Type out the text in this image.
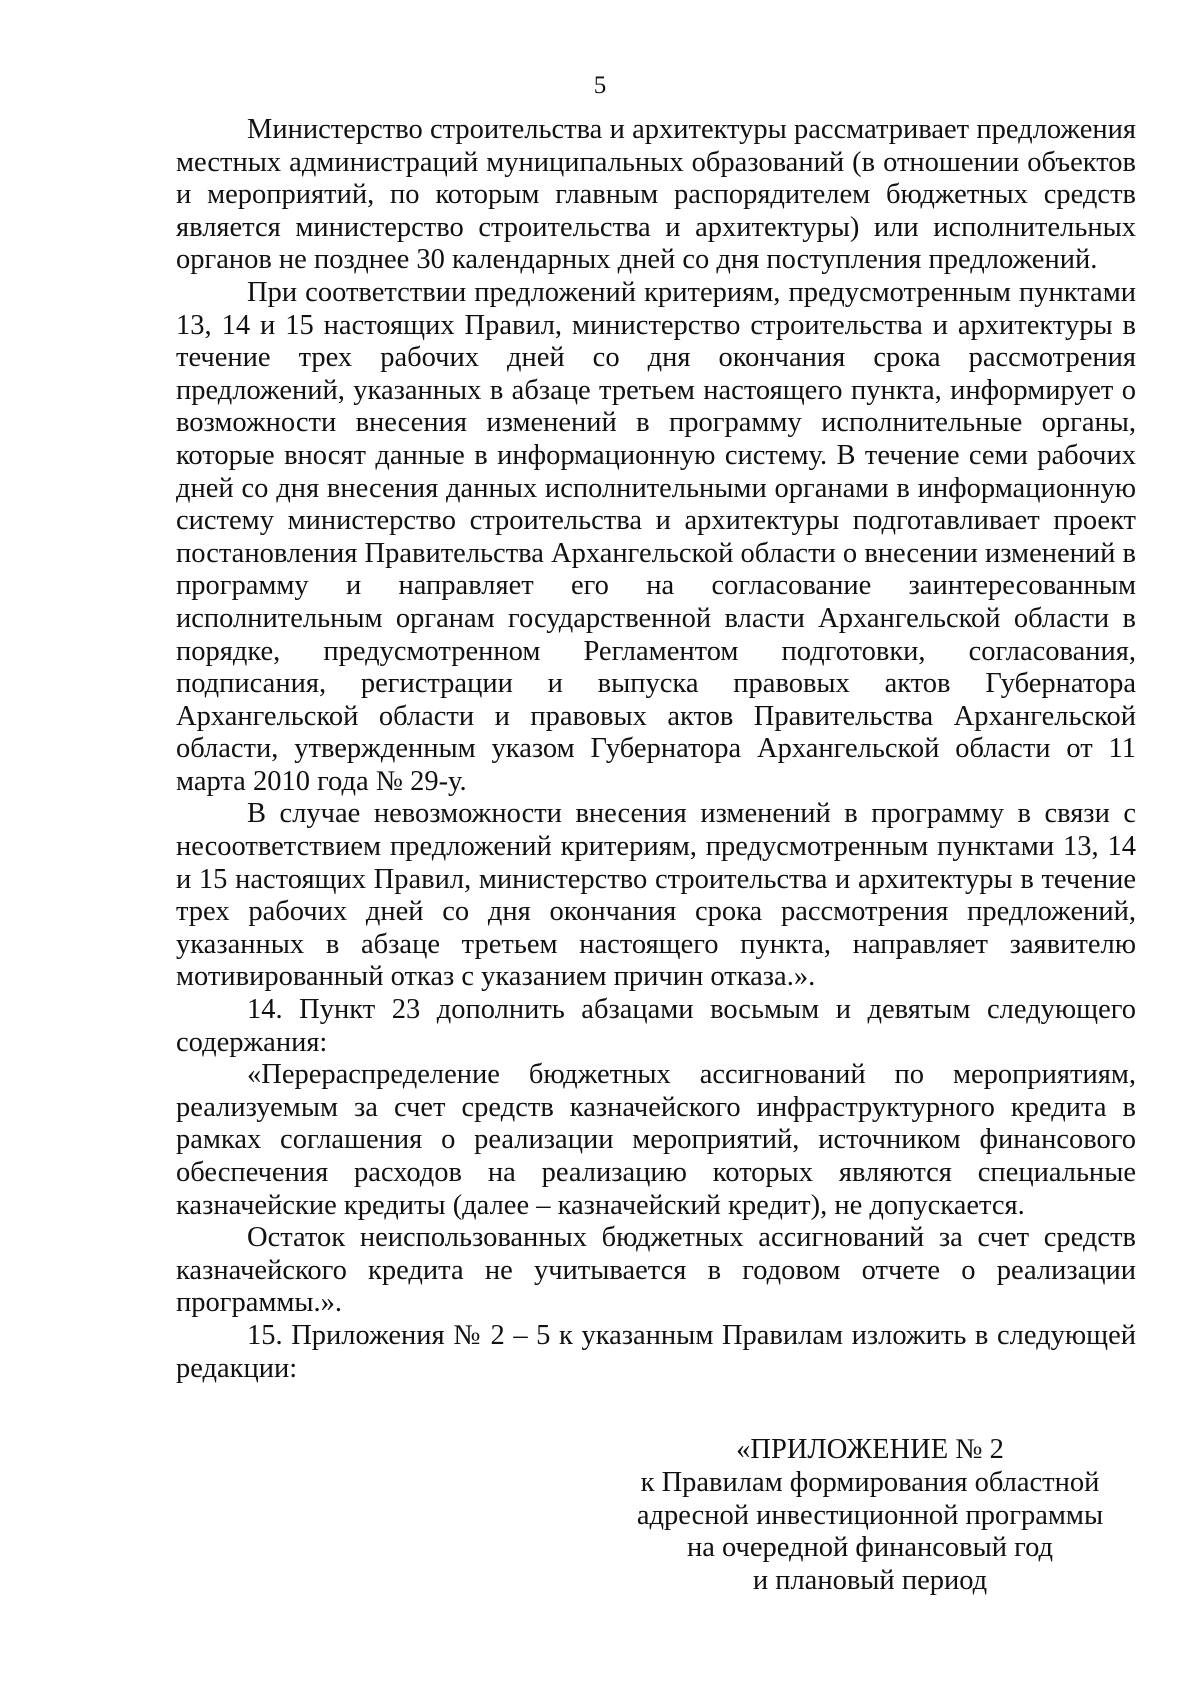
5

Министерство строительства и архитектуры рассматривает предложения местных администраций муниципальных образований (в отношении объектов и мероприятий, по которым главным распорядителем бюджетных средств является министерство строительства и архитектуры) или исполнительных органов не позднее 30 календарных дней со дня поступления предложений.

При соответствии предложений критериям, предусмотренным пунктами 13, 14 и 15 настоящих Правил, министерство строительства и архитектуры в течение трех рабочих дней со дня окончания срока рассмотрения предложений, указанных в абзаце третьем настоящего пункта, информирует о возможности внесения изменений в программу исполнительные органы, которые вносят данные в информационную систему. В течение семи рабочих дней со дня внесения данных исполнительными органами в информационную систему министерство строительства и архитектуры подготавливает проект постановления Правительства Архангельской области о внесении изменений в программу и направляет его на согласование заинтересованным исполнительным органам государственной власти Архангельской области в порядке, предусмотренном Регламентом подготовки, согласования, подписания, регистрации и выпуска правовых актов Губернатора Архангельской области и правовых актов Правительства Архангельской области, утвержденным указом Губернатора Архангельской области от 11 марта 2010 года № 29-у.

В случае невозможности внесения изменений в программу в связи с несоответствием предложений критериям, предусмотренным пунктами 13, 14 и 15 настоящих Правил, министерство строительства и архитектуры в течение трех рабочих дней со дня окончания срока рассмотрения предложений, указанных в абзаце третьем настоящего пункта, направляет заявителю мотивированный отказ с указанием причин отказа.».

14. Пункт 23 дополнить абзацами восьмым и девятым следующего содержания:

«Перераспределение бюджетных ассигнований по мероприятиям, реализуемым за счет средств казначейского инфраструктурного кредита в рамках соглашения о реализации мероприятий, источником финансового обеспечения расходов на реализацию которых являются специальные казначейские кредиты (далее – казначейский кредит), не допускается.

Остаток неиспользованных бюджетных ассигнований за счет средств казначейского кредита не учитывается в годовом отчете о реализации программы.».

15. Приложения № 2 – 5 к указанным Правилам изложить в следующей редакции:

«ПРИЛОЖЕНИЕ № 2
к Правилам формирования областной
адресной инвестиционной программы
на очередной финансовый год
и плановый период
